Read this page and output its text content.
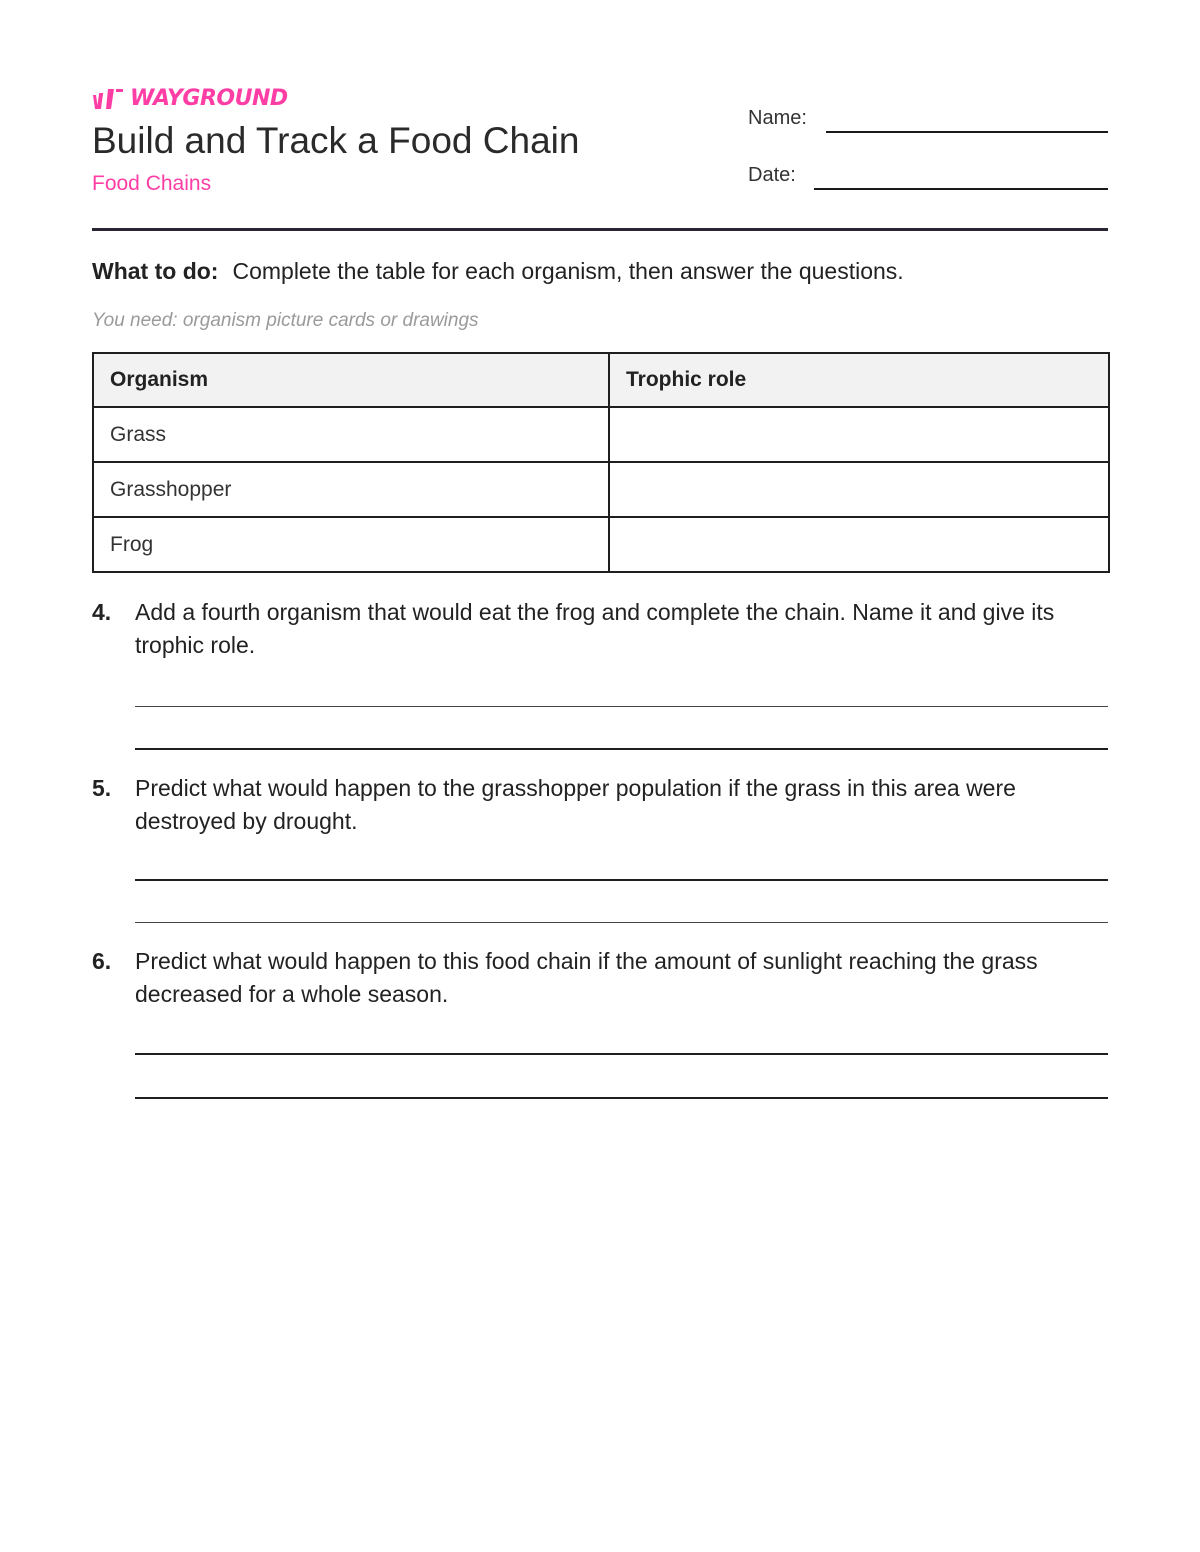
WAYGROUND
Build and Track a Food Chain
Food Chains
Name:
Date:
What to do: Complete the table for each organism, then answer the questions.
You need: organism picture cards or drawings
Organism	Trophic role
Grass	
Grasshopper	
Frog	
4. Add a fourth organism that would eat the frog and complete the chain. Name it and give its trophic role.
5. Predict what would happen to the grasshopper population if the grass in this area were destroyed by drought.
6. Predict what would happen to this food chain if the amount of sunlight reaching the grass decreased for a whole season.
